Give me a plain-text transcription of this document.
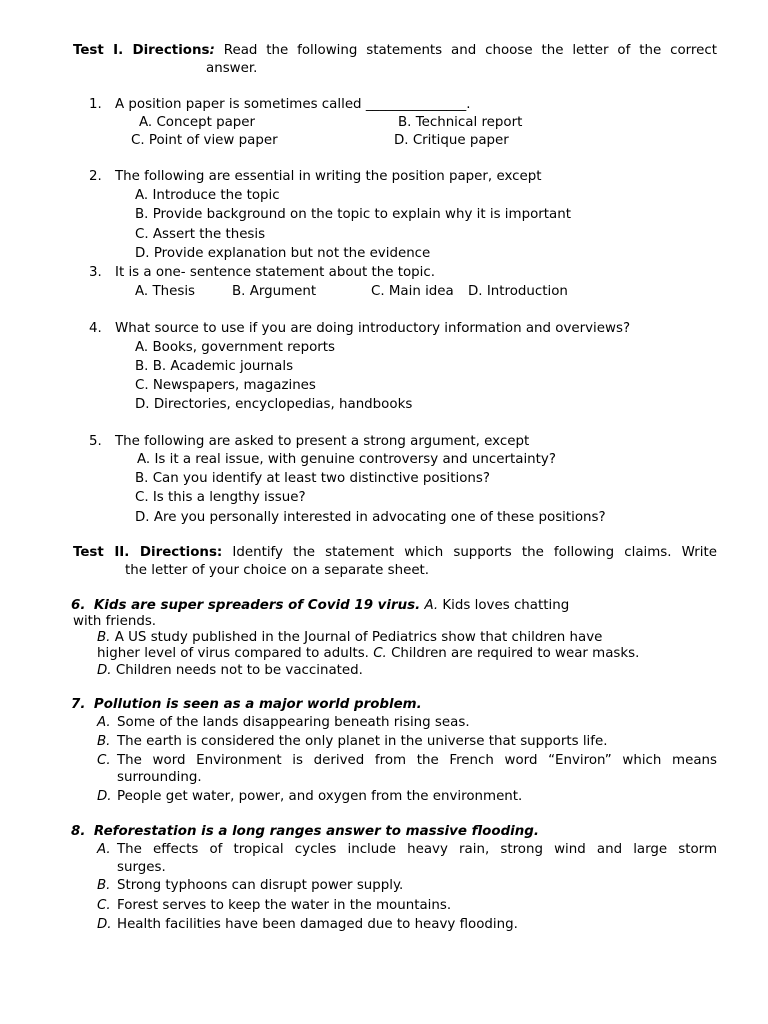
Test I. Directions: Read the following statements and choose the letter of the correct
answer.
1. A position paper is sometimes called _______________.
A. Concept paper	B. Technical report
C. Point of view paper	D. Critique paper
2. The following are essential in writing the position paper, except
A. Introduce the topic
B. Provide background on the topic to explain why it is important
C. Assert the thesis
D. Provide explanation but not the evidence
3. It is a one- sentence statement about the topic.
A. Thesis	B. Argument	C. Main idea D. Introduction
4. What source to use if you are doing introductory information and overviews?
A. Books, government reports
B. B. Academic journals
C. Newspapers, magazines
D. Directories, encyclopedias, handbooks
5. The following are asked to present a strong argument, except
A. Is it a real issue, with genuine controversy and uncertainty?
B. Can you identify at least two distinctive positions?
C. Is this a lengthy issue?
D. Are you personally interested in advocating one of these positions?
Test II. Directions: Identify the statement which supports the following claims. Write
the letter of your choice on a separate sheet.
6. Kids are super spreaders of Covid 19 virus. A. Kids loves chatting
with friends.
B. A US study published in the Journal of Pediatrics show that children have
higher level of virus compared to adults. C. Children are required to wear masks.
D. Children needs not to be vaccinated.
7. Pollution is seen as a major world problem.
A. Some of the lands disappearing beneath rising seas.
B. The earth is considered the only planet in the universe that supports life.
C. The word Environment is derived from the French word “Environ” which means
surrounding.
D. People get water, power, and oxygen from the environment.
8. Reforestation is a long ranges answer to massive flooding.
A. The effects of tropical cycles include heavy rain, strong wind and large storm
surges.
B. Strong typhoons can disrupt power supply.
C. Forest serves to keep the water in the mountains.
D. Health facilities have been damaged due to heavy flooding.
